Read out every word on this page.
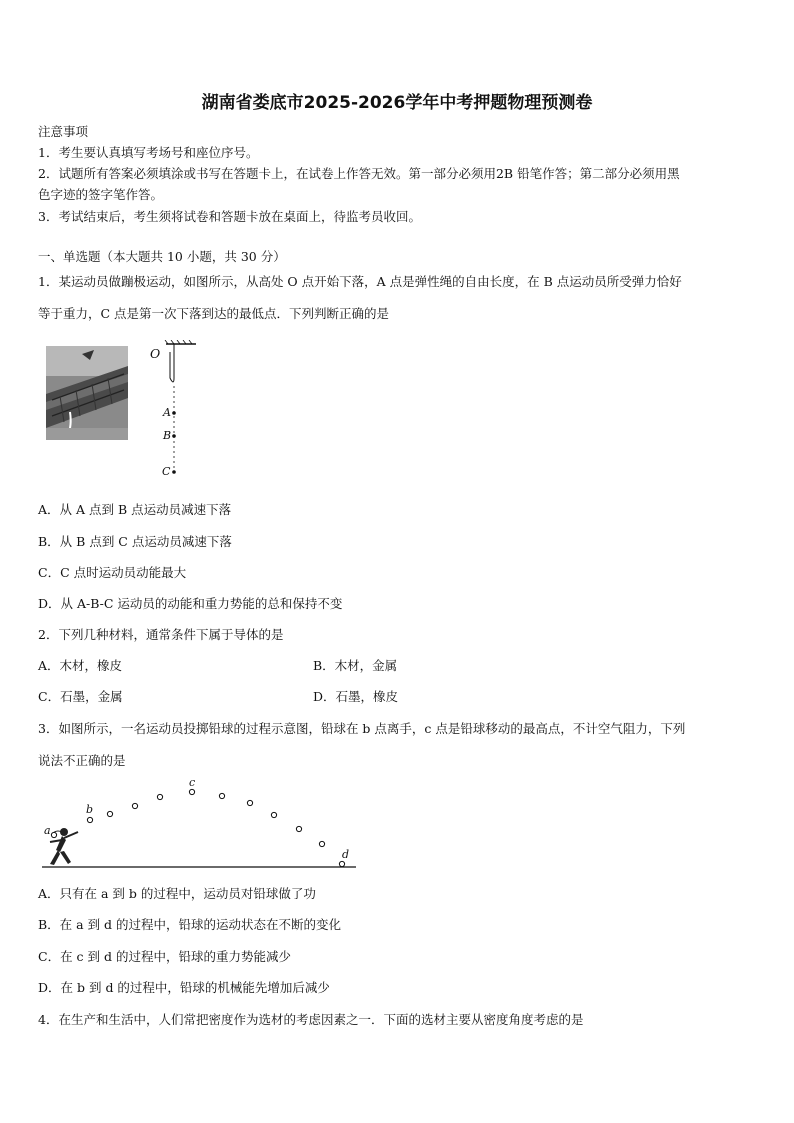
湖南省娄底市2025-2026学年中考押题物理预测卷
注意事项
1．考生要认真填写考场号和座位序号。
2．试题所有答案必须填涂或书写在答题卡上，在试卷上作答无效。第一部分必须用2B 铅笔作答；第二部分必须用黑
色字迹的签字笔作答。
3．考试结束后，考生须将试卷和答题卡放在桌面上，待监考员收回。
一、单选题（本大题共 10 小题，共 30 分）
1．某运动员做蹦极运动，如图所示，从高处 O 点开始下落，A 点是弹性绳的自由长度，在 B 点运动员所受弹力恰好
等于重力，C 点是第一次下落到达的最低点．下列判断正确的是
O
A
B
C
A．从 A 点到 B 点运动员减速下落
B．从 B 点到 C 点运动员减速下落
C．C 点时运动员动能最大
D．从 A-B-C 运动员的动能和重力势能的总和保持不变
2．下列几种材料，通常条件下属于导体的是
A．木材，橡皮	B．木材，金属
C．石墨，金属	D．石墨，橡皮
3．如图所示，一名运动员投掷铅球的过程示意图，铅球在 b 点离手，c 点是铅球移动的最高点，不计空气阻力，下列
说法不正确的是
a
b
c
d
A．只有在 a 到 b 的过程中，运动员对铅球做了功
B．在 a 到 d 的过程中，铅球的运动状态在不断的变化
C．在 c 到 d 的过程中，铅球的重力势能减少
D．在 b 到 d 的过程中，铅球的机械能先增加后减少
4．在生产和生活中，人们常把密度作为选材的考虑因素之一．下面的选材主要从密度角度考虑的是
